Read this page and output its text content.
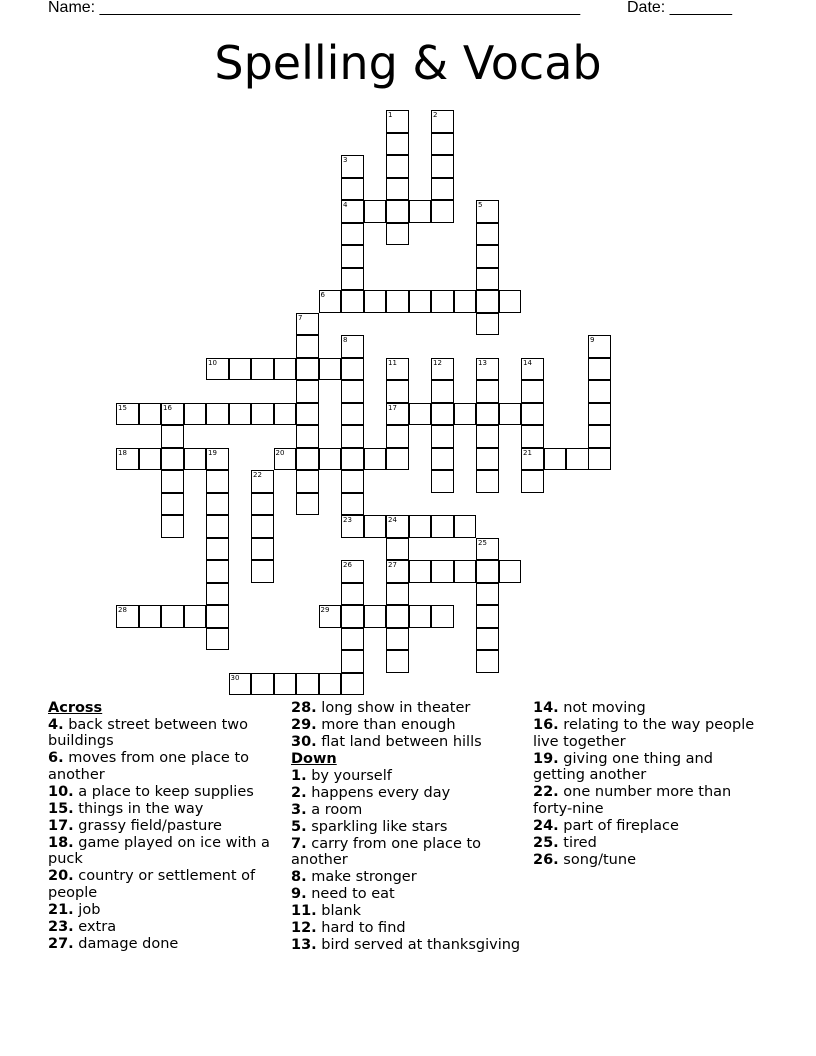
Name: ______________________________________________________	Date: _______
Spelling & Vocab
1	2
3
4	5
6
7
8	9
10	11
17
12	13	14
21
15	16
18	19	20
22
23	24
27
25
26
28	29
30
Across
4. back street between two buildings
6. moves from one place to another
10. a place to keep supplies
15. things in the way
17. grassy field/pasture
18. game played on ice with a puck
20. country or settlement of people
21. job
23. extra
27. damage done
28. long show in theater
29. more than enough
30. flat land between hills
Down
1. by yourself
2. happens every day
3. a room
5. sparkling like stars
7. carry from one place to another
8. make stronger
9. need to eat
11. blank
12. hard to find
13. bird served at thanksgiving
14. not moving
16. relating to the way people live together
19. giving one thing and getting another
22. one number more than forty-nine
24. part of fireplace
25. tired
26. song/tune
